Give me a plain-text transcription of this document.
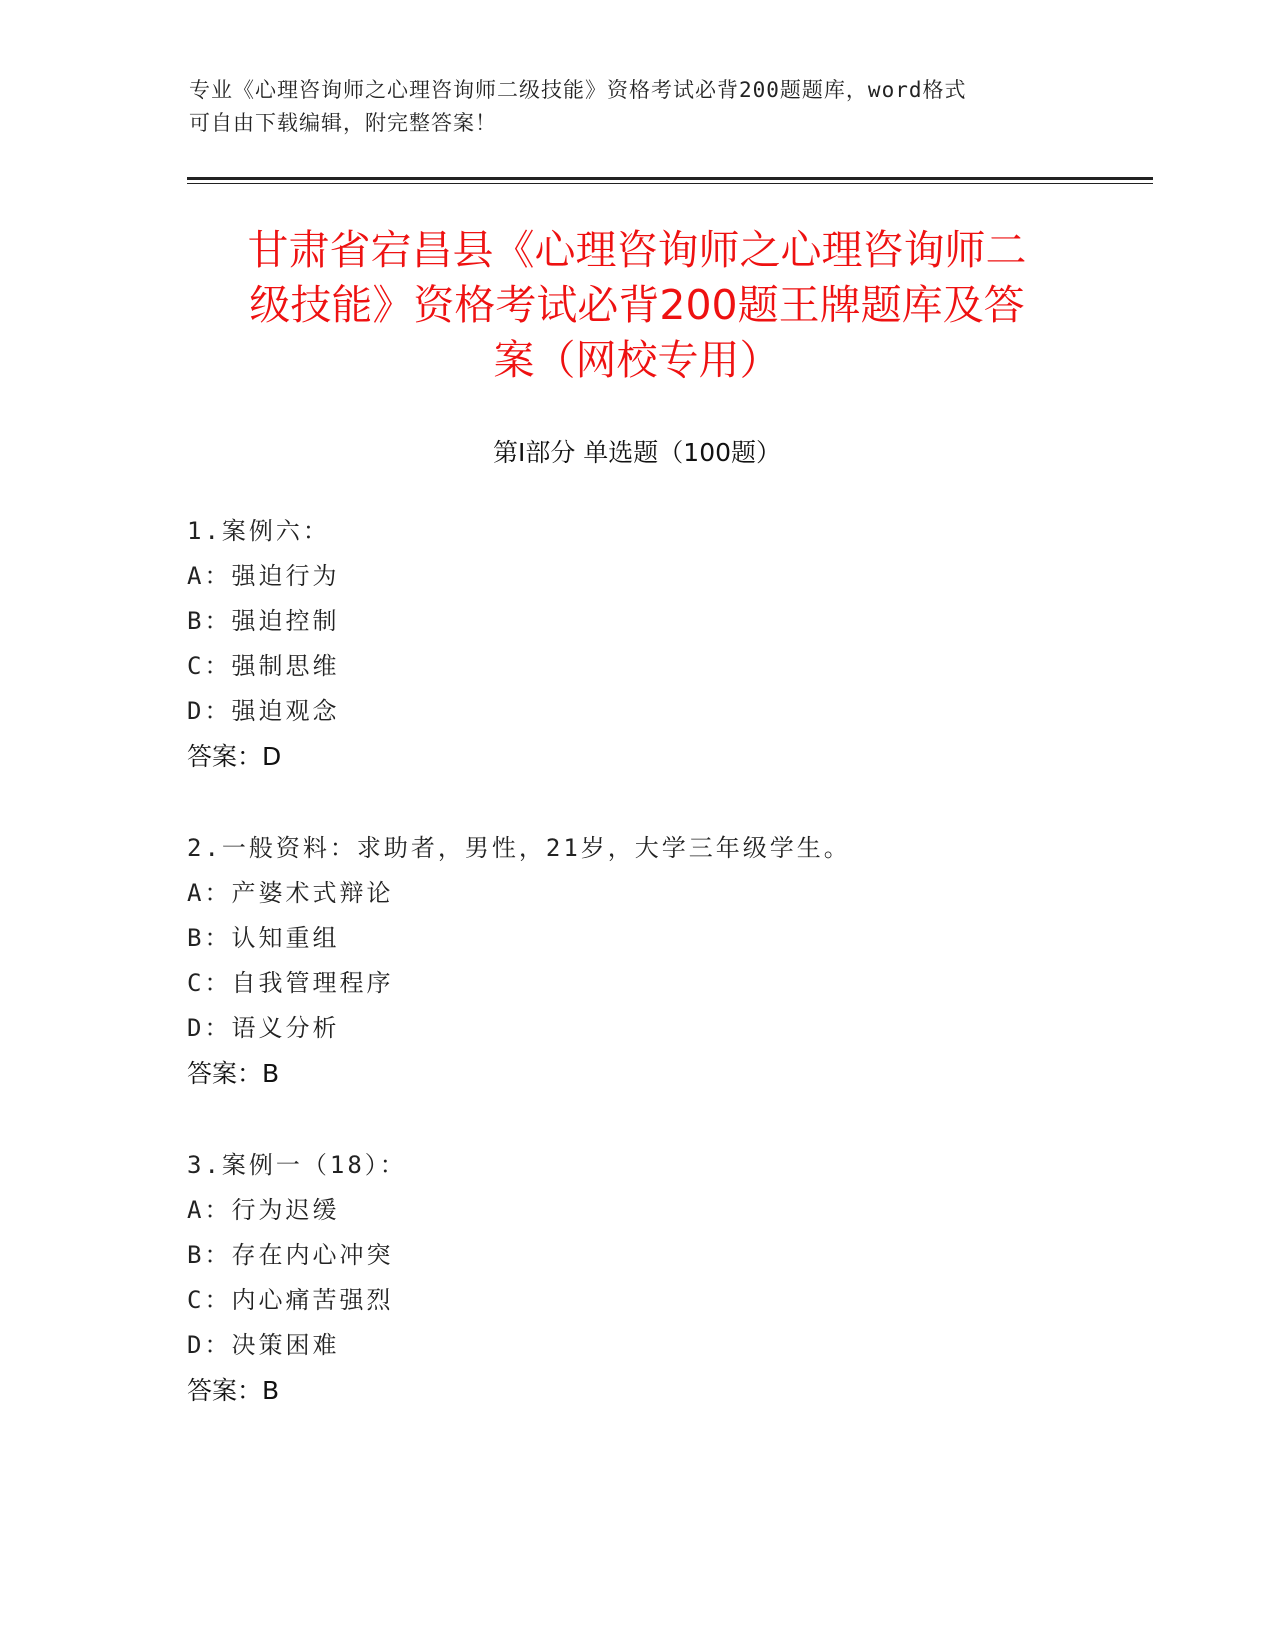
专业《心理咨询师之心理咨询师二级技能》资格考试必背200题题库，word格式
可自由下载编辑，附完整答案！
甘肃省宕昌县《心理咨询师之心理咨询师二
级技能》资格考试必背200题王牌题库及答
案（网校专用）
第Ⅰ部分 单选题（100题）
1.案例六：
A：强迫行为
B：强迫控制
C：强制思维
D：强迫观念
答案：D
2.一般资料：求助者，男性，21岁，大学三年级学生。
A：产婆术式辩论
B：认知重组
C：自我管理程序
D：语义分析
答案：B
3.案例一（18）：
A：行为迟缓
B：存在内心冲突
C：内心痛苦强烈
D：决策困难
答案：B
